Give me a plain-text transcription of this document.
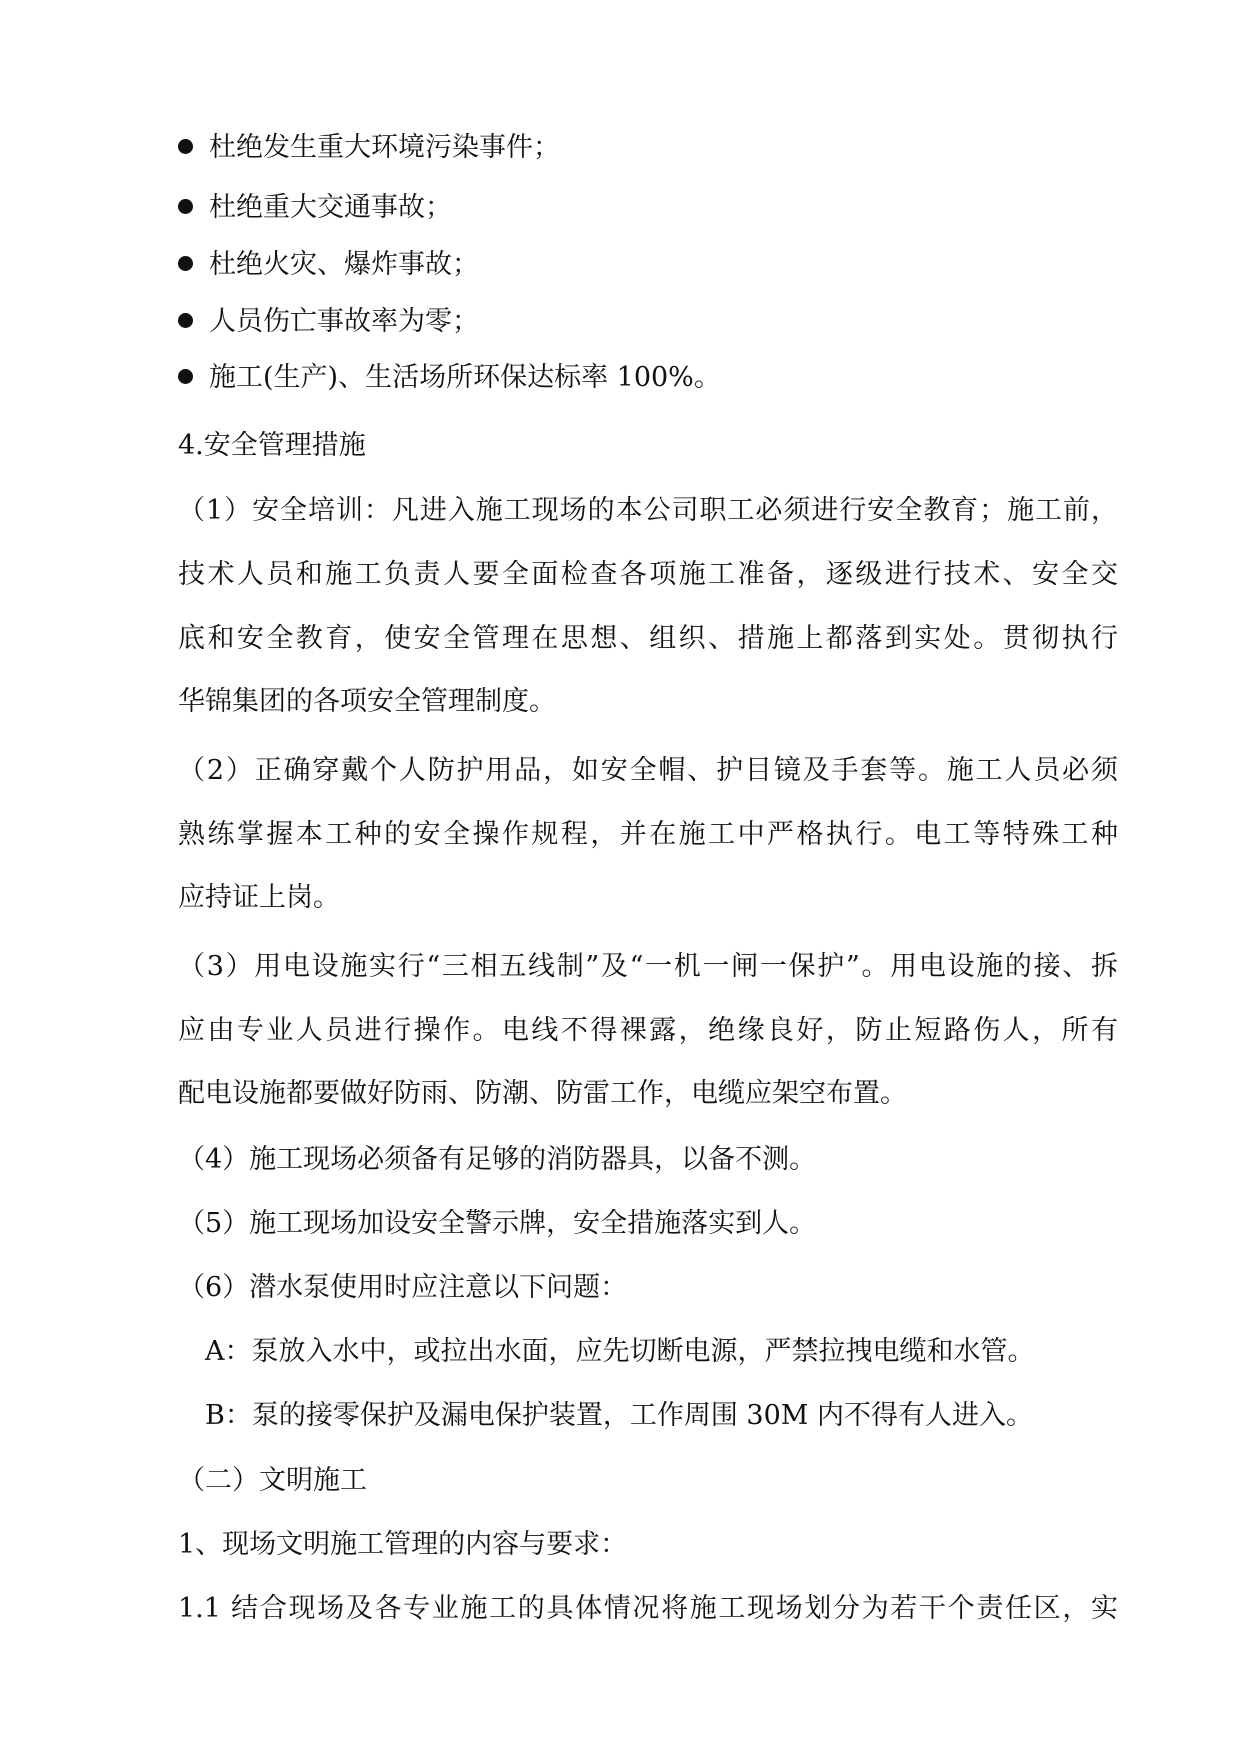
杜绝发生重大环境污染事件；
杜绝重大交通事故；
杜绝火灾、爆炸事故；
人员伤亡事故率为零；
施工(生产)、生活场所环保达标率 100%。
4.安全管理措施
（1）安全培训：凡进入施工现场的本公司职工必须进行安全教育；施工前，
技术人员和施工负责人要全面检查各项施工准备，逐级进行技术、安全交
底和安全教育，使安全管理在思想、组织、措施上都落到实处。贯彻执行
华锦集团的各项安全管理制度。
（2）正确穿戴个人防护用品，如安全帽、护目镜及手套等。施工人员必须
熟练掌握本工种的安全操作规程，并在施工中严格执行。电工等特殊工种
应持证上岗。
（3）用电设施实行“三相五线制”及“一机一闸一保护”。用电设施的接、拆
应由专业人员进行操作。电线不得裸露，绝缘良好，防止短路伤人，所有
配电设施都要做好防雨、防潮、防雷工作，电缆应架空布置。
（4）施工现场必须备有足够的消防器具，以备不测。
（5）施工现场加设安全警示牌，安全措施落实到人。
（6）潜水泵使用时应注意以下问题：
A：泵放入水中，或拉出水面，应先切断电源，严禁拉拽电缆和水管。
B：泵的接零保护及漏电保护装置，工作周围 30M 内不得有人进入。
（二）文明施工
1、现场文明施工管理的内容与要求：
1.1 结合现场及各专业施工的具体情况将施工现场划分为若干个责任区，实
